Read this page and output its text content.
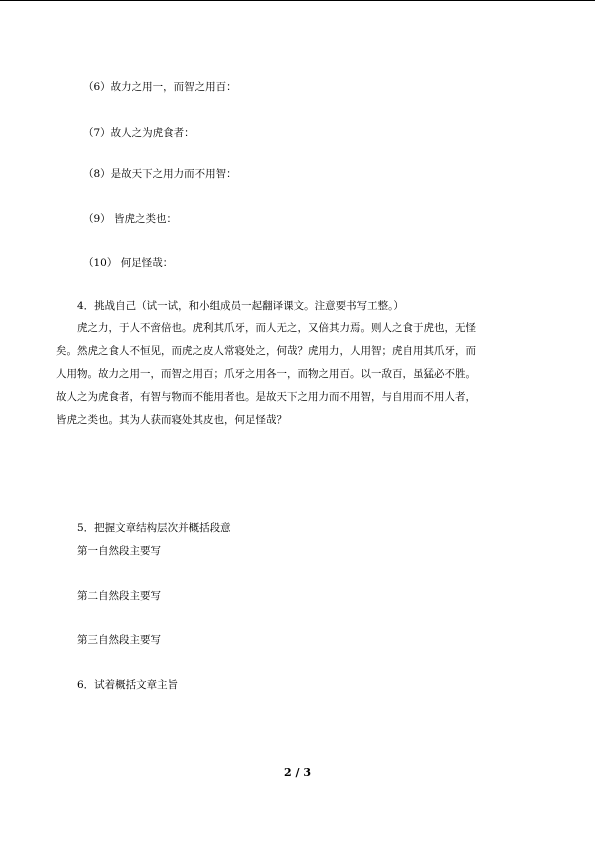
（6）故力之用一，而智之用百：
（7）故人之为虎食者：
（8）是故天下之用力而不用智：
（9） 皆虎之类也：
（10） 何足怪哉：
4．挑战自己（试一试，和小组成员一起翻译课文。注意要书写工整。）
虎之力，于人不啻倍也。虎利其爪牙，而人无之，又倍其力焉。则人之食于虎也，无怪
矣。然虎之食人不恒见，而虎之皮人常寝处之，何哉？虎用力，人用智；虎自用其爪牙，而
人用物。故力之用一，而智之用百；爪牙之用各一，而物之用百。以一敌百，虽猛必不胜。
故人之为虎食者，有智与物而不能用者也。是故天下之用力而不用智，与自用而不用人者，
皆虎之类也。其为人获而寝处其皮也，何足怪哉？
5．把握文章结构层次并概括段意
第一自然段主要写
第二自然段主要写
第三自然段主要写
6．试着概括文章主旨
2 / 3
